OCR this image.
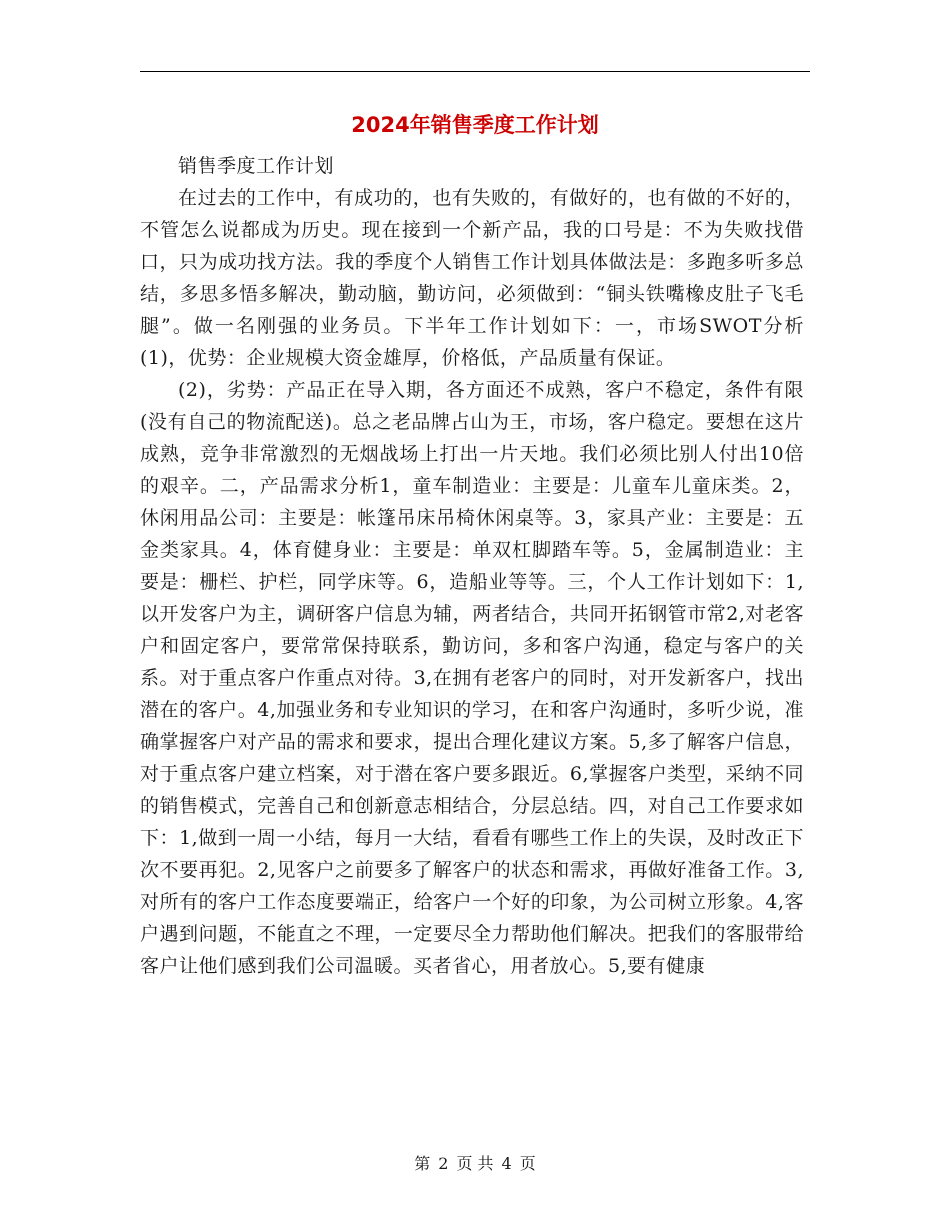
2024年销售季度工作计划

销售季度工作计划

在过去的工作中，有成功的，也有失败的，有做好的，也有做的不好的，不管怎么说都成为历史。现在接到一个新产品，我的口号是：不为失败找借口，只为成功找方法。我的季度个人销售工作计划具体做法是：多跑多听多总结，多思多悟多解决，勤动脑，勤访问，必须做到：“铜头铁嘴橡皮肚子飞毛腿”。做一名刚强的业务员。下半年工作计划如下：一，市场SWOT分析(1)，优势：企业规模大资金雄厚，价格低，产品质量有保证。

(2)，劣势：产品正在导入期，各方面还不成熟，客户不稳定，条件有限(没有自己的物流配送)。总之老品牌占山为王，市场，客户稳定。要想在这片成熟，竞争非常激烈的无烟战场上打出一片天地。我们必须比别人付出10倍的艰辛。二，产品需求分析1，童车制造业：主要是：儿童车儿童床类。2，休闲用品公司：主要是：帐篷吊床吊椅休闲桌等。3，家具产业：主要是：五金类家具。4，体育健身业：主要是：单双杠脚踏车等。5，金属制造业：主要是：栅栏、护栏，同学床等。6，造船业等等。三，个人工作计划如下：1,以开发客户为主，调研客户信息为辅，两者结合，共同开拓钢管市常2,对老客户和固定客户，要常常保持联系，勤访问，多和客户沟通，稳定与客户的关系。对于重点客户作重点对待。3,在拥有老客户的同时，对开发新客户，找出潜在的客户。4,加强业务和专业知识的学习，在和客户沟通时，多听少说，准确掌握客户对产品的需求和要求，提出合理化建议方案。5,多了解客户信息，对于重点客户建立档案，对于潜在客户要多跟近。6,掌握客户类型，采纳不同的销售模式，完善自己和创新意志相结合，分层总结。四，对自己工作要求如下：1,做到一周一小结，每月一大结，看看有哪些工作上的失误，及时改正下次不要再犯。2,见客户之前要多了解客户的状态和需求，再做好准备工作。3,对所有的客户工作态度要端正，给客户一个好的印象，为公司树立形象。4,客户遇到问题，不能直之不理，一定要尽全力帮助他们解决。把我们的客服带给客户让他们感到我们公司温暖。买者省心，用者放心。5,要有健康

第 2 页 共 4 页
